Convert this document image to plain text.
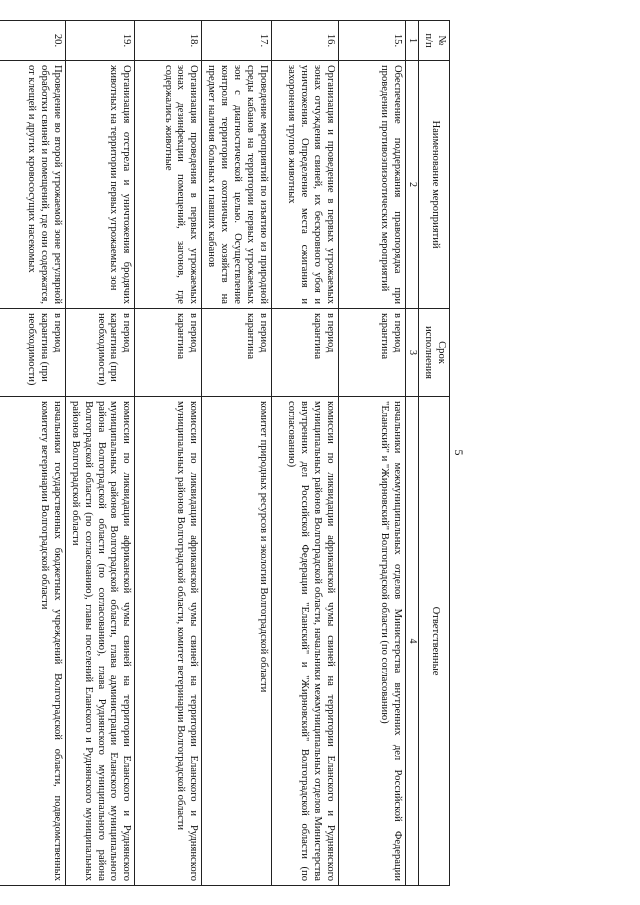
5
№
п/п	Наименование мероприятий	Срок
исполнения	Ответственные
1	2	3	4
15.	Обеспечение поддержания правопорядка при проведении противоэпизоотических мероприятий	в период карантина	начальники межмуниципальных отделов Министерства внутренних дел Российской Федерации "Еланский" и "Жирновский" Волгоградской области (по согласованию)
16.	Организация и проведение в первых угрожаемых зонах отчуждения свиней, их бескровного убоя и уничтожения. Определение места сжигания и захоронения трупов животных	в период карантина	комиссии по ликвидации африканской чумы свиней на территории Еланского и Руднянского муниципальных районов Волгоградской области, начальники межмуниципальных отделов Министерства внутренних дел Российской Федерации "Еланский" и "Жирновский" Волгоградской области (по согласованию)
17.	Проведение мероприятий по изъятию из природной среды кабанов на территории первых угрожаемых зон с диагностической целью. Осуществление контроля территории охотничьих хозяйств на предмет наличия больных и павших кабанов	в период карантина	комитет природных ресурсов и экологии Волгоградской области
18.	Организация проведения в первых угрожаемых зонах дезинфекции помещений, загонов, где содержались животные	в период карантина	комиссии по ликвидации африканской чумы свиней на территории Еланского и Руднянского муниципальных районов Волгоградской области, комитет ветеринарии Волгоградской области
19.	Организация отстрела и уничтожения бродячих животных на территории первых угрожаемых зон	в период карантина (при необходимости)	комиссии по ликвидации африканской чумы свиней на территории Еланского и Руднянского муниципальных районов Волгоградской области, глава администрации Еланского муниципального района Волгоградской области (по согласованию), глава Руднянского муниципального района Волгоградской области (по согласованию), главы поселений Еланского и Руднянского муниципальных районов Волгоградской области
20.	Проведение во второй угрожаемой зоне регулярной обработки свиней и помещений, где они содержатся, от клещей и других кровососущих насекомых	в период карантина (при необходимости)	начальники государственных бюджетных учреждений Волгоградской области, подведомственных комитету ветеринарии Волгоградской области
